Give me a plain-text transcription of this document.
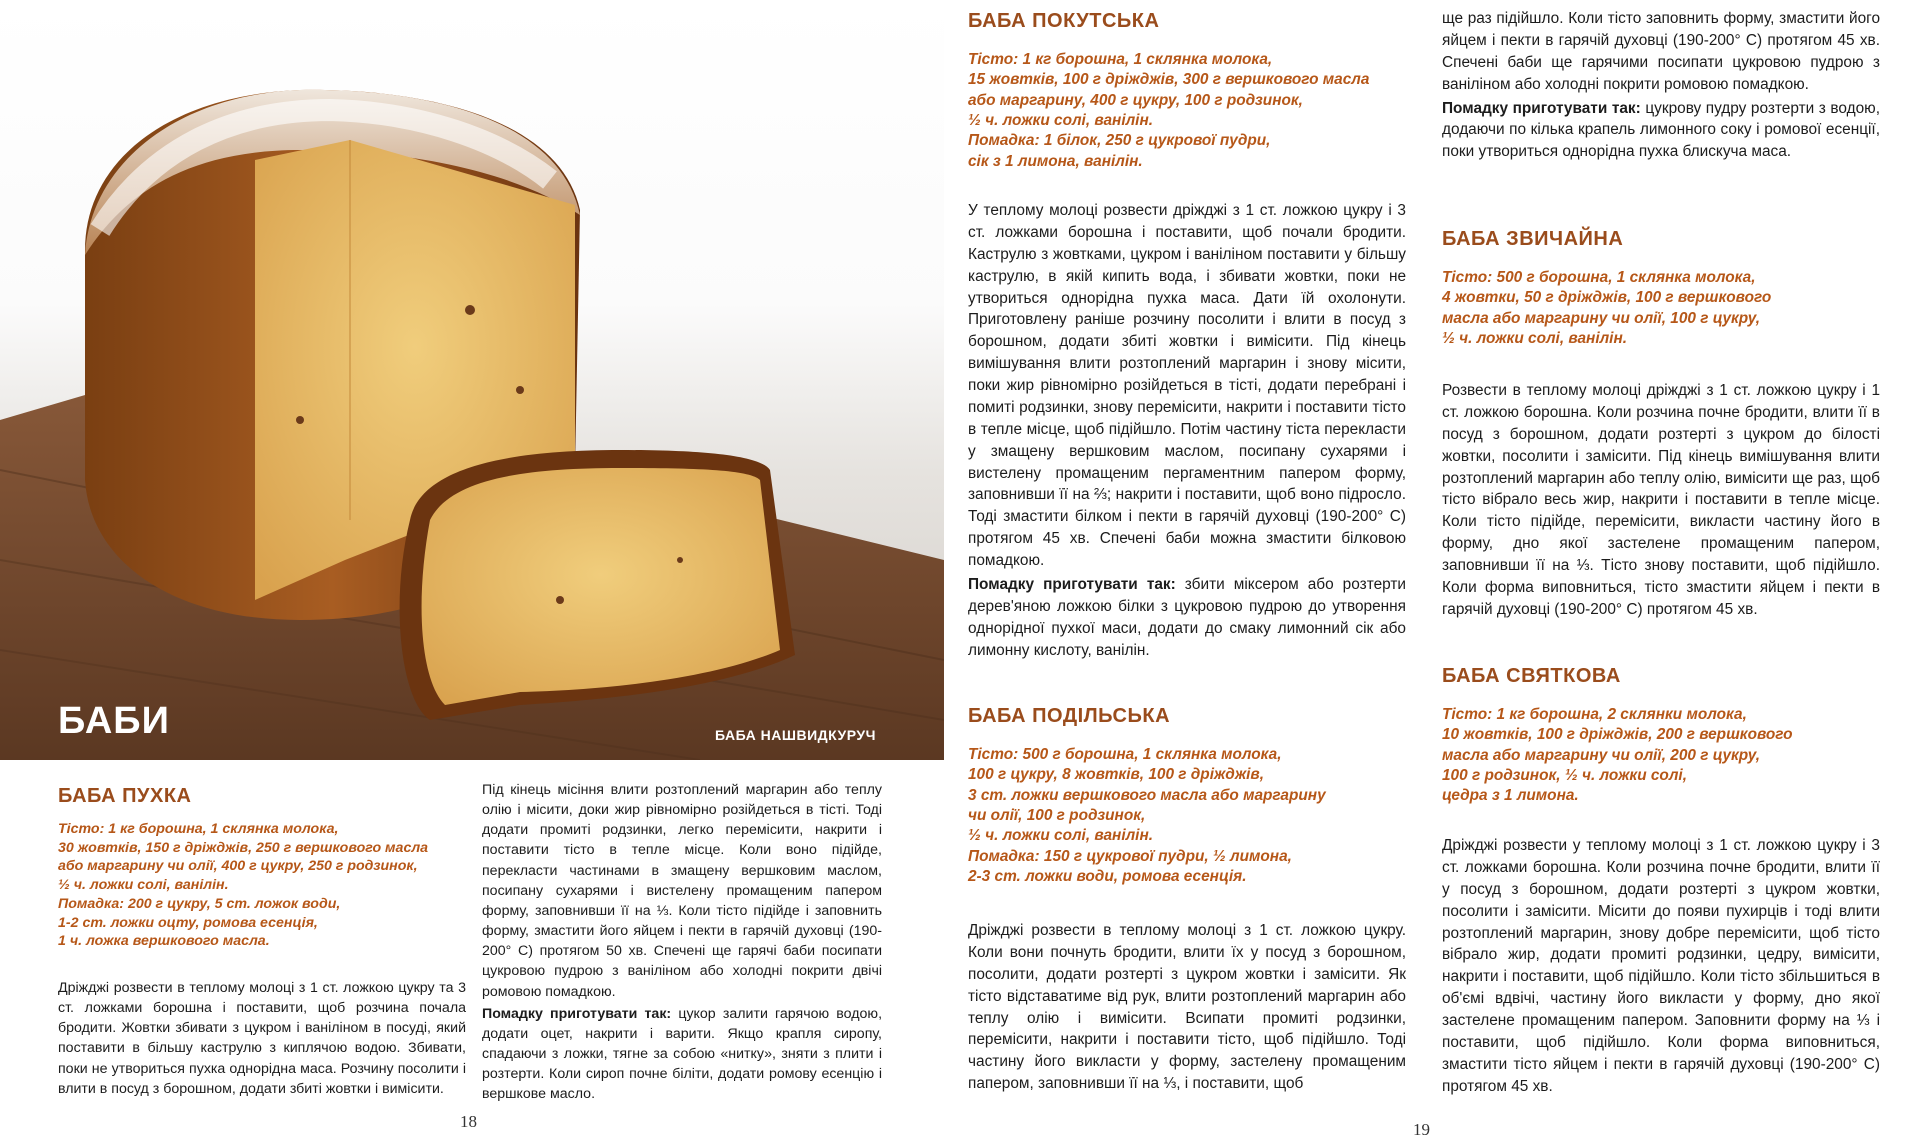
БАБИ	БАБА НАШВИДКУРУЧ
БАБА ПУХКА

Тісто: 1 кг борошна, 1 склянка молока,

30 жовтків, 150 г дріжджів, 250 г вершкового масла

або маргарину чи олії, 400 г цукру, 250 г родзинок,

½ ч. ложки солі, ванілін.

Помадка: 200 г цукру, 5 ст. ложок води,

1-2 ст. ложки оцту, ромова есенція,

1 ч. ложка вершкового масла.

Дріжджі розвести в теплому молоці з 1 ст. ложкою цукру та 3 ст. ложками борошна і поставити, щоб розчина почала бродити. Жовтки збивати з цукром і ваніліном в посуді, який поставити в більшу каструлю з киплячою водою. Збивати, поки не утвориться пухка однорідна маса. Розчину посолити і влити в посуд з борошном, додати збиті жовтки і вимісити.

Під кінець місіння влити розтоплений маргарин або теплу олію і місити, доки жир рівномірно розійдеться в тісті. Тоді додати промиті родзинки, легко перемісити, накрити і поставити тісто в тепле місце. Коли воно підійде, перекласти частинами в змащену вершковим маслом, посипану сухарями і вистелену промащеним папером форму, заповнивши її на ⅓. Коли тісто підійде і заповнить форму, змастити його яйцем і пекти в гарячій духовці (190-200° С) протягом 50 хв. Спечені ще гарячі баби посипати цукровою пудрою з ваніліном або холодні покрити двічі ромовою помадкою.

Помадку приготувати так: цукор залити гарячою водою, додати оцет, накрити і варити. Якщо крапля сиропу, спадаючи з ложки, тягне за собою «нитку», зняти з плити і розтерти. Коли сироп почне біліти, додати ромову есенцію і вершкове масло.

18
БАБА ПОКУТСЬКА

Тісто: 1 кг борошна, 1 склянка молока,

15 жовтків, 100 г дріжджів, 300 г вершкового масла

або маргарину, 400 г цукру, 100 г родзинок,

½ ч. ложки солі, ванілін.

Помадка: 1 білок, 250 г цукрової пудри,

сік з 1 лимона, ванілін.

У теплому молоці розвести дріжджі з 1 ст. ложкою цукру і 3 ст. ложками борошна і поставити, щоб почали бродити. Каструлю з жовтками, цукром і ваніліном поставити у більшу каструлю, в якій кипить вода, і збивати жовтки, поки не утвориться однорідна пухка маса. Дати їй охолонути. Приготовлену раніше розчину посолити і влити в посуд з борошном, додати збиті жовтки і вимісити. Під кінець вимішування влити розтоплений маргарин і знову місити, поки жир рівномірно розійдеться в тісті, додати перебрані і помиті родзинки, знову перемісити, накрити і поставити тісто в тепле місце, щоб підійшло. Потім частину тіста перекласти у змащену вершковим маслом, посипану сухарями і вистелену промащеним пергаментним папером форму, заповнивши її на ⅔; накрити і поставити, щоб воно підросло. Тоді змастити білком і пекти в гарячій духовці (190-200° С) протягом 45 хв. Спечені баби можна змастити білковою помадкою.

Помадку приготувати так: збити міксером або розтерти дерев'яною ложкою білки з цукровою пудрою до утворення однорідної пухкої маси, додати до смаку лимонний сік або лимонну кислоту, ванілін.

БАБА ПОДІЛЬСЬКА

Тісто: 500 г борошна, 1 склянка молока,

100 г цукру, 8 жовтків, 100 г дріжджів,

3 ст. ложки вершкового масла або маргарину

чи олії, 100 г родзинок,

½ ч. ложки солі, ванілін.

Помадка: 150 г цукрової пудри, ½ лимона,

2-3 ст. ложки води, ромова есенція.

Дріжджі розвести в теплому молоці з 1 ст. ложкою цукру. Коли вони почнуть бродити, влити їх у посуд з борошном, посолити, додати розтерті з цукром жовтки і замісити. Як тісто відставатиме від рук, влити розтоплений маргарин або теплу олію і вимісити. Всипати промиті родзинки, перемісити, накрити і поставити тісто, щоб підійшло. Тоді частину його викласти у форму, застелену промащеним папером, заповнивши її на ⅓, і поставити, щоб

19

ще раз підійшло. Коли тісто заповнить форму, змастити його яйцем і пекти в гарячій духовці (190-200° С) протягом 45 хв. Спечені баби ще гарячими посипати цукровою пудрою з ваніліном або холодні покрити ромовою помадкою.

Помадку приготувати так: цукрову пудру розтерти з водою, додаючи по кілька крапель лимонного соку і ромової есенції, поки утвориться однорідна пухка блискуча маса.

БАБА ЗВИЧАЙНА

Тісто: 500 г борошна, 1 склянка молока,

4 жовтки, 50 г дріжджів, 100 г вершкового

масла або маргарину чи олії, 100 г цукру,

½ ч. ложки солі, ванілін.

Розвести в теплому молоці дріжджі з 1 ст. ложкою цукру і 1 ст. ложкою борошна. Коли розчина почне бродити, влити її в посуд з борошном, додати розтерті з цукром до білості жовтки, посолити і замісити. Під кінець вимішування влити розтоплений маргарин або теплу олію, вимісити ще раз, щоб тісто вібрало весь жир, накрити і поставити в тепле місце. Коли тісто підійде, перемісити, викласти частину його в форму, дно якої застелене промащеним папером, заповнивши її на ⅓. Тісто знову поставити, щоб підійшло. Коли форма виповниться, тісто змастити яйцем і пекти в гарячій духовці (190-200° С) протягом 45 хв.

БАБА СВЯТКОВА

Тісто: 1 кг борошна, 2 склянки молока,

10 жовтків, 100 г дріжджів, 200 г вершкового

масла або маргарину чи олії, 200 г цукру,

100 г родзинок, ½ ч. ложки солі,

цедра з 1 лимона.

Дріжджі розвести у теплому молоці з 1 ст. ложкою цукру і 3 ст. ложками борошна. Коли розчина почне бродити, влити її у посуд з борошном, додати розтерті з цукром жовтки, посолити і замісити. Місити до появи пухирців і тоді влити розтоплений маргарин, знову добре перемісити, щоб тісто вібрало жир, додати промиті родзинки, цедру, вимісити, накрити і поставити, щоб підійшло. Коли тісто збільшиться в об'ємі вдвічі, частину його викласти у форму, дно якої застелене промащеним папером. Заповнити форму на ⅓ і поставити, щоб підійшло. Коли форма виповниться, змастити тісто яйцем і пекти в гарячій духовці (190-200° С) протягом 45 хв.
